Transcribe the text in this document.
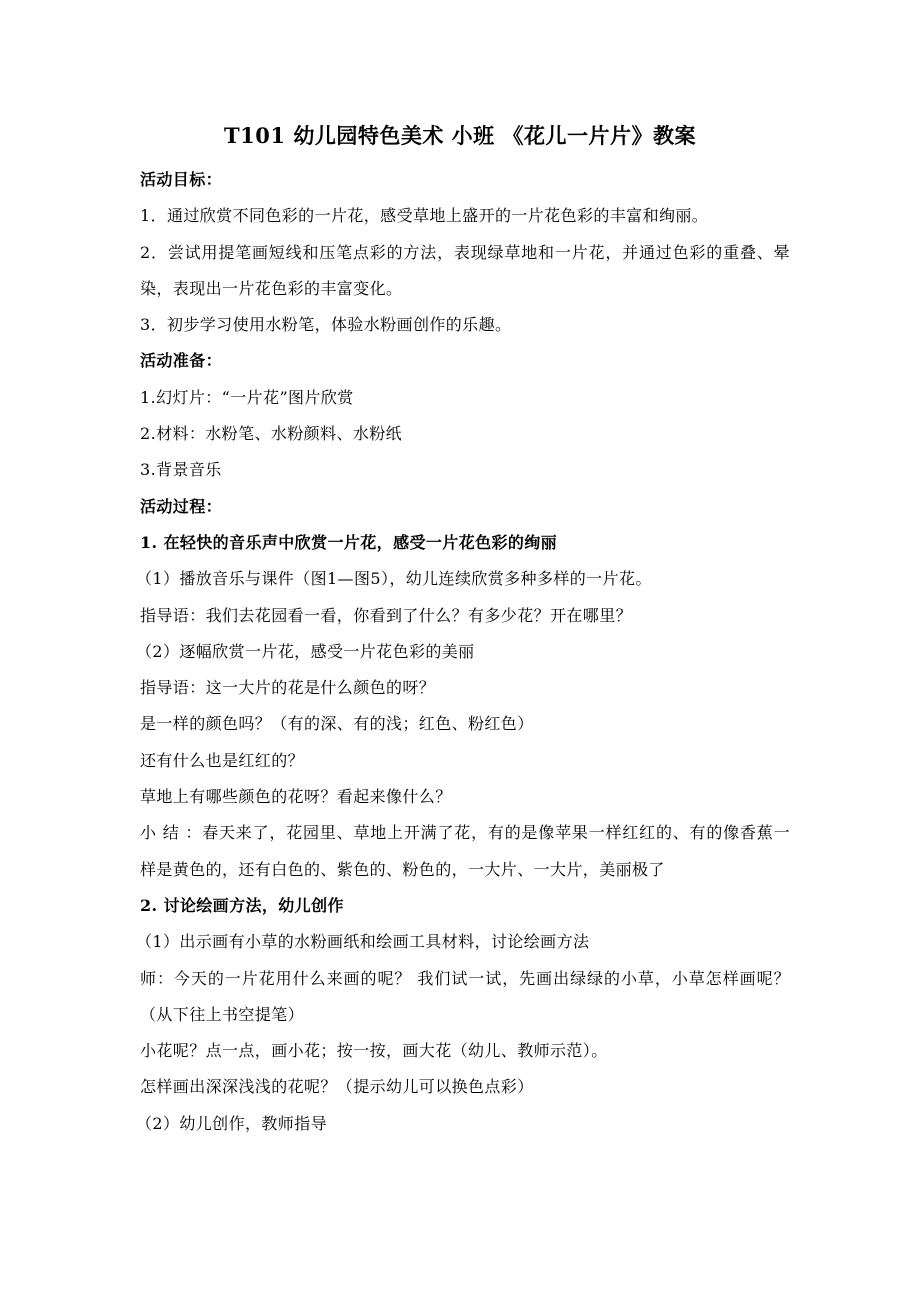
T101 幼儿园特色美术 小班 《花儿一片片》教案
活动目标：
1．通过欣赏不同色彩的一片花，感受草地上盛开的一片花色彩的丰富和绚丽。
2．尝试用提笔画短线和压笔点彩的方法，表现绿草地和一片花，并通过色彩的重叠、晕染，表现出一片花色彩的丰富变化。
3．初步学习使用水粉笔，体验水粉画创作的乐趣。
活动准备：
1.幻灯片：“一片花”图片欣赏
2.材料：水粉笔、水粉颜料、水粉纸
3.背景音乐
活动过程：
1. 在轻快的音乐声中欣赏一片花，感受一片花色彩的绚丽
（1）播放音乐与课件（图1—图5），幼儿连续欣赏多种多样的一片花。
指导语：我们去花园看一看，你看到了什么？有多少花？开在哪里？
（2）逐幅欣赏一片花，感受一片花色彩的美丽
指导语：这一大片的花是什么颜色的呀？
是一样的颜色吗？（有的深、有的浅；红色、粉红色）
还有什么也是红红的？
草地上有哪些颜色的花呀？看起来像什么？
小 结 ：春天来了，花园里、草地上开满了花，有的是像苹果一样红红的、有的像香蕉一样是黄色的，还有白色的、紫色的、粉色的，一大片、一大片，美丽极了
2. 讨论绘画方法，幼儿创作
（1）出示画有小草的水粉画纸和绘画工具材料，讨论绘画方法
师：今天的一片花用什么来画的呢？ 我们试一试，先画出绿绿的小草，小草怎样画呢？（从下往上书空提笔）
小花呢？点一点，画小花；按一按，画大花（幼儿、教师示范）。
怎样画出深深浅浅的花呢？（提示幼儿可以换色点彩）
（2）幼儿创作，教师指导
